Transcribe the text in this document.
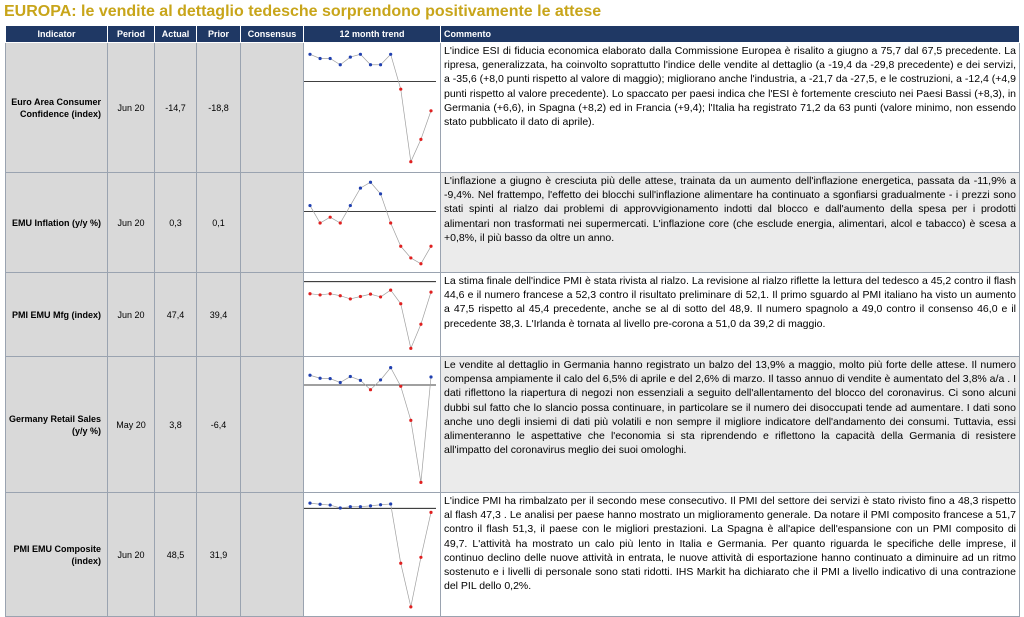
EUROPA: le vendite al dettaglio tedesche sorprendono positivamente le attese
Indicator	Period	Actual	Prior	Consensus	12 month trend	Commento
Euro Area Consumer Confidence (index)	Jun 20	-14,7	-18,8			L'indice ESI di fiducia economica elaborato dalla Commissione Europea è risalito a giugno a 75,7 dal 67,5 precedente. La ripresa, generalizzata, ha coinvolto soprattutto l'indice delle vendite al dettaglio (a -19,4 da -29,8 precedente) e dei servizi, a -35,6 (+8,0 punti rispetto al valore di maggio); migliorano anche l'industria, a -21,7 da -27,5, e le costruzioni, a -12,4 (+4,9 punti rispetto al valore precedente). Lo spaccato per paesi indica che l'ESI è fortemente cresciuto nei Paesi Bassi (+8,3), in Germania (+6,6), in Spagna (+8,2) ed in Francia (+9,4); l'Italia ha registrato 71,2 da 63 punti (valore minimo, non essendo stato pubblicato il dato di aprile).
EMU Inflation (y/y %)	Jun 20	0,3	0,1			L'inflazione a giugno è cresciuta più delle attese, trainata da un aumento dell'inflazione energetica, passata da -11,9% a -9,4%. Nel frattempo, l'effetto dei blocchi sull'inflazione alimentare ha continuato a sgonfiarsi gradualmente - i prezzi sono stati spinti al rialzo dai problemi di approvvigionamento indotti dal blocco e dall'aumento della spesa per i prodotti alimentari non trasformati nei supermercati. L'inflazione core (che esclude energia, alimentari, alcol e tabacco) è scesa a +0,8%, il più basso da oltre un anno.
PMI EMU Mfg (index)	Jun 20	47,4	39,4			La stima finale dell'indice PMI è stata rivista al rialzo. La revisione al rialzo riflette la lettura del tedesco a 45,2 contro il flash 44,6 e il numero francese a 52,3 contro il risultato preliminare di 52,1. Il primo sguardo al PMI italiano ha visto un aumento a 47,5 rispetto al 45,4 precedente, anche se al di sotto del 48,9. Il numero spagnolo a 49,0 contro il consenso 46,0 e il precedente 38,3. L'Irlanda è tornata al livello pre-corona a 51,0 da 39,2 di maggio.
Germany Retail Sales (y/y %)	May 20	3,8	-6,4			Le vendite al dettaglio in Germania hanno registrato un balzo del 13,9% a maggio, molto più forte delle attese. Il numero compensa ampiamente il calo del 6,5% di aprile e del 2,6% di marzo. Il tasso annuo di vendite è aumentato del 3,8% a/a . I dati riflettono la riapertura di negozi non essenziali a seguito dell'allentamento del blocco del coronavirus. Ci sono alcuni dubbi sul fatto che lo slancio possa continuare, in particolare se il numero dei disoccupati tende ad aumentare. I dati sono anche uno degli insiemi di dati più volatili e non sempre il migliore indicatore dell'andamento dei consumi. Tuttavia, essi alimenteranno le aspettative che l'economia si sta riprendendo e riflettono la capacità della Germania di resistere all'impatto del coronavirus meglio dei suoi omologhi.
PMI EMU Composite (index)	Jun 20	48,5	31,9			L'indice PMI ha rimbalzato per il secondo mese consecutivo. Il PMI del settore dei servizi è stato rivisto fino a 48,3 rispetto al flash 47,3 . Le analisi per paese hanno mostrato un miglioramento generale. Da notare il PMI composito francese a 51,7 contro il flash 51,3, il paese con le migliori prestazioni. La Spagna è all'apice dell'espansione con un PMI composito di 49,7. L'attività ha mostrato un calo più lento in Italia e Germania. Per quanto riguarda le specifiche delle imprese, il continuo declino delle nuove attività in entrata, le nuove attività di esportazione hanno continuato a diminuire ad un ritmo sostenuto e i livelli di personale sono stati ridotti. IHS Markit ha dichiarato che il PMI a livello indicativo di una contrazione del PIL dello 0,2%.
